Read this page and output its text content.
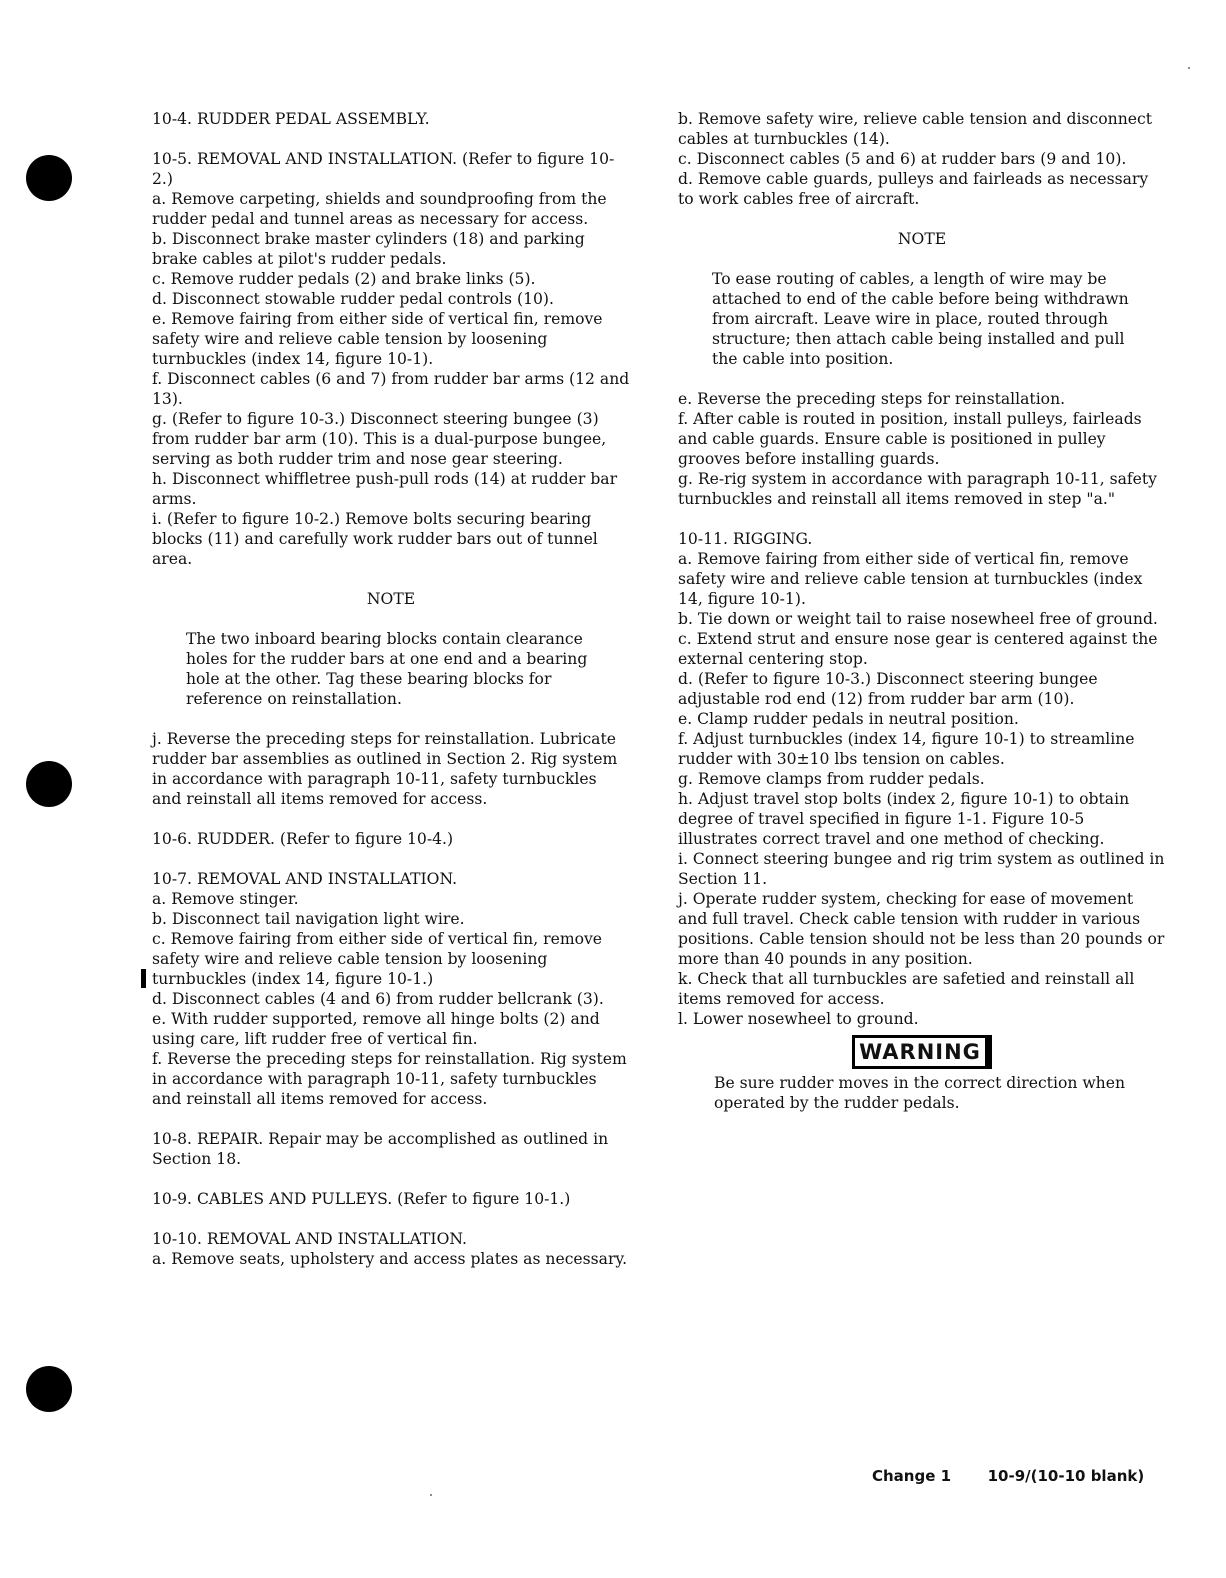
10-4. RUDDER PEDAL ASSEMBLY.

10-5. REMOVAL AND INSTALLATION. (Refer to figure 10-2.)

a. Remove carpeting, shields and soundproofing from the rudder pedal and tunnel areas as necessary for access.

b. Disconnect brake master cylinders (18) and parking brake cables at pilot's rudder pedals.

c. Remove rudder pedals (2) and brake links (5).

d. Disconnect stowable rudder pedal controls (10).

e. Remove fairing from either side of vertical fin, remove safety wire and relieve cable tension by loosening turnbuckles (index 14, figure 10-1).

f. Disconnect cables (6 and 7) from rudder bar arms (12 and 13).

g. (Refer to figure 10-3.) Disconnect steering bungee (3) from rudder bar arm (10). This is a dual-purpose bungee, serving as both rudder trim and nose gear steering.

h. Disconnect whiffletree push-pull rods (14) at rudder bar arms.

i. (Refer to figure 10-2.) Remove bolts securing bearing blocks (11) and carefully work rudder bars out of tunnel area.

NOTE

The two inboard bearing blocks contain clearance holes for the rudder bars at one end and a bearing hole at the other. Tag these bearing blocks for reference on reinstallation.

j. Reverse the preceding steps for reinstallation. Lubricate rudder bar assemblies as outlined in Section 2. Rig system in accordance with paragraph 10-11, safety turnbuckles and reinstall all items removed for access.

10-6. RUDDER. (Refer to figure 10-4.)

10-7. REMOVAL AND INSTALLATION.

a. Remove stinger.

b. Disconnect tail navigation light wire.

c. Remove fairing from either side of vertical fin, remove safety wire and relieve cable tension by loosening turnbuckles (index 14, figure 10-1.)

d. Disconnect cables (4 and 6) from rudder bellcrank (3).

e. With rudder supported, remove all hinge bolts (2) and using care, lift rudder free of vertical fin.

f. Reverse the preceding steps for reinstallation. Rig system in accordance with paragraph 10-11, safety turnbuckles and reinstall all items removed for access.

10-8. REPAIR. Repair may be accomplished as outlined in Section 18.

10-9. CABLES AND PULLEYS. (Refer to figure 10-1.)

10-10. REMOVAL AND INSTALLATION.

a. Remove seats, upholstery and access plates as necessary.

b. Remove safety wire, relieve cable tension and disconnect cables at turnbuckles (14).

c. Disconnect cables (5 and 6) at rudder bars (9 and 10).

d. Remove cable guards, pulleys and fairleads as necessary to work cables free of aircraft.

NOTE

To ease routing of cables, a length of wire may be attached to end of the cable before being withdrawn from aircraft. Leave wire in place, routed through structure; then attach cable being installed and pull the cable into position.

e. Reverse the preceding steps for reinstallation.

f. After cable is routed in position, install pulleys, fairleads and cable guards. Ensure cable is positioned in pulley grooves before installing guards.

g. Re-rig system in accordance with paragraph 10-11, safety turnbuckles and reinstall all items removed in step "a."

10-11. RIGGING.

a. Remove fairing from either side of vertical fin, remove safety wire and relieve cable tension at turnbuckles (index 14, figure 10-1).

b. Tie down or weight tail to raise nosewheel free of ground.

c. Extend strut and ensure nose gear is centered against the external centering stop.

d. (Refer to figure 10-3.) Disconnect steering bungee adjustable rod end (12) from rudder bar arm (10).

e. Clamp rudder pedals in neutral position.

f. Adjust turnbuckles (index 14, figure 10-1) to streamline rudder with 30±10 lbs tension on cables.

g. Remove clamps from rudder pedals.

h. Adjust travel stop bolts (index 2, figure 10-1) to obtain degree of travel specified in figure 1-1. Figure 10-5 illustrates correct travel and one method of checking.

i. Connect steering bungee and rig trim system as outlined in Section 11.

j. Operate rudder system, checking for ease of movement and full travel. Check cable tension with rudder in various positions. Cable tension should not be less than 20 pounds or more than 40 pounds in any position.

k. Check that all turnbuckles are safetied and reinstall all items removed for access.

l. Lower nosewheel to ground.

WARNING

Be sure rudder moves in the correct direction when operated by the rudder pedals.

Change 1 10-9/(10-10 blank)
